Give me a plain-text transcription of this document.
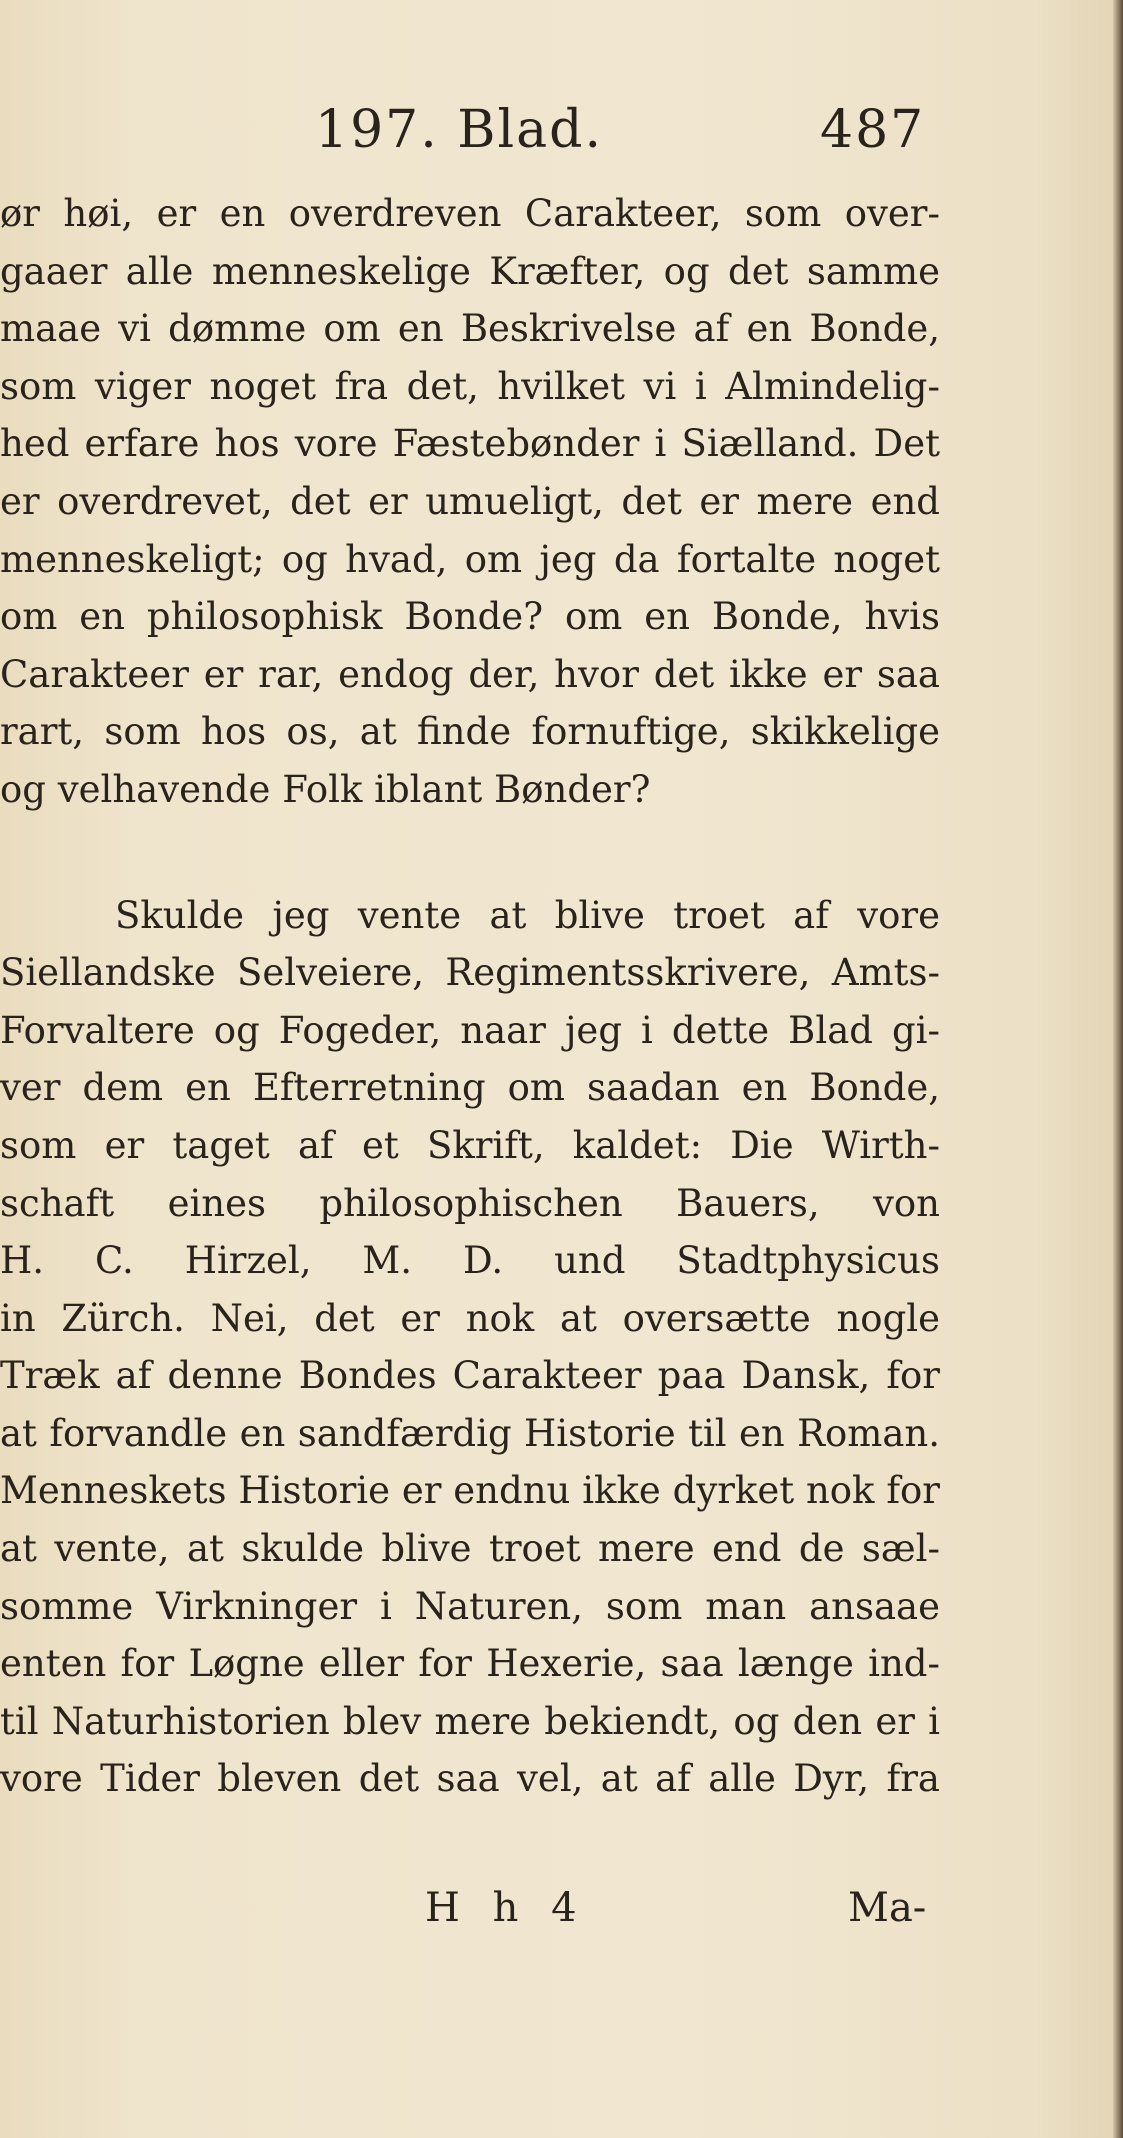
197. Blad.	487
ør høi, er en overdreven Carakteer, som over-
gaaer alle menneskelige Kræfter, og det samme
maae vi dømme om en Beskrivelse af en Bonde,
som viger noget fra det, hvilket vi i Almindelig-
hed erfare hos vore Fæstebønder i Siælland. Det
er overdrevet, det er umueligt, det er mere end
menneskeligt; og hvad, om jeg da fortalte noget
om en philosophisk Bonde? om en Bonde, hvis
Carakteer er rar, endog der, hvor det ikke er saa
rart, som hos os, at finde fornuftige, skikkelige
og velhavende Folk iblant Bønder?
Skulde jeg vente at blive troet af vore
Siellandske Selveiere, Regimentsskrivere, Amts-
Forvaltere og Fogeder, naar jeg i dette Blad gi-
ver dem en Efterretning om saadan en Bonde,
som er taget af et Skrift, kaldet: Die Wirth-
schaft eines philosophischen Bauers, von
H. C. Hirzel, M. D. und Stadtphysicus
in Zürch. Nei, det er nok at oversætte nogle
Træk af denne Bondes Carakteer paa Dansk, for
at forvandle en sandfærdig Historie til en Roman.
Menneskets Historie er endnu ikke dyrket nok for
at vente, at skulde blive troet mere end de sæl-
somme Virkninger i Naturen, som man ansaae
enten for Løgne eller for Hexerie, saa længe ind-
til Naturhistorien blev mere bekiendt, og den er i
vore Tider bleven det saa vel, at af alle Dyr, fra
H h 4	Ma-
